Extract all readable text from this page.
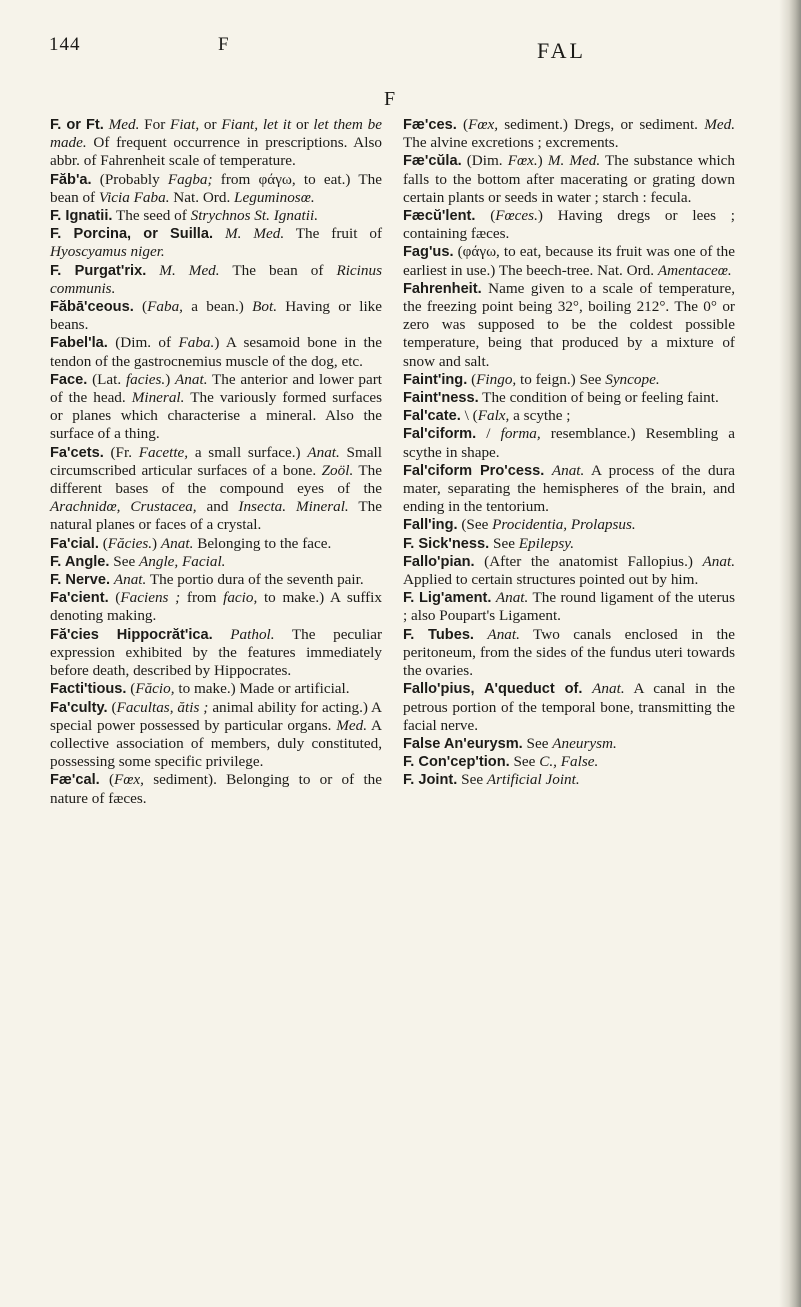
144	F	FAL
F

F. or Ft. Med. For Fiat, or Fiant, let it or let them be made. Of frequent occurrence in prescriptions. Also abbr. of Fahrenheit scale of temperature.

Făb'a. (Probably Fagba; from φάγω, to eat.) The bean of Vicia Faba. Nat. Ord. Leguminosœ.

F. Ignatii. The seed of Strychnos St. Ignatii.

F. Porcina, or Suilla. M. Med. The fruit of Hyoscyamus niger.

F. Purgat'rix. M. Med. The bean of Ricinus communis.

Făbā'ceous. (Faba, a bean.) Bot. Having or like beans.

Fabel'la. (Dim. of Faba.) A sesamoid bone in the tendon of the gastrocnemius muscle of the dog, etc.

Face. (Lat. facies.) Anat. The anterior and lower part of the head. Mineral. The variously formed surfaces or planes which characterise a mineral. Also the surface of a thing.

Fa'cets. (Fr. Facette, a small surface.) Anat. Small circumscribed articular surfaces of a bone. Zoöl. The different bases of the compound eyes of the Arachnidœ, Crustacea, and Insecta. Mineral. The natural planes or faces of a crystal.

Fa'cial. (Făcies.) Anat. Belonging to the face.

F. Angle. See Angle, Facial.

F. Nerve. Anat. The portio dura of the seventh pair.

Fa'cient. (Faciens ; from facio, to make.) A suffix denoting making.

Fă'cies Hippocrăt'ica. Pathol. The peculiar expression exhibited by the features immediately before death, described by Hippocrates.

Facti'tious. (Făcio, to make.) Made or artificial.

Fa'culty. (Facultas, ătis ; animal ability for acting.) A special power possessed by particular organs. Med. A collective association of members, duly constituted, possessing some specific privilege.

Fæ'cal. (Fœx, sediment). Belonging to or of the nature of fæces.

Fæ'ces. (Fœx, sediment.) Dregs, or sediment. Med. The alvine excretions ; excrements.

Fæ'cŭla. (Dim. Fœx.) M. Med. The substance which falls to the bottom after macerating or grating down certain plants or seeds in water ; starch : fecula.

Fæcŭ'lent. (Fœces.) Having dregs or lees ; containing fæces.

Fag'us. (φάγω, to eat, because its fruit was one of the earliest in use.) The beech-tree. Nat. Ord. Amentaceœ.

Fahrenheit. Name given to a scale of temperature, the freezing point being 32°, boiling 212°. The 0° or zero was supposed to be the coldest possible temperature, being that produced by a mixture of snow and salt.

Faint'ing. (Fingo, to feign.) See Syncope.

Faint'ness. The condition of being or feeling faint.

Fal'cate. \ (Falx, a scythe ;

Fal'ciform. / forma, resemblance.) Resembling a scythe in shape.

Fal'ciform Pro'cess. Anat. A process of the dura mater, separating the hemispheres of the brain, and ending in the tentorium.

Fall'ing. (See Procidentia, Prolapsus.

F. Sick'ness. See Epilepsy.

Fallo'pian. (After the anatomist Fallopius.) Anat. Applied to certain structures pointed out by him.

F. Lig'ament. Anat. The round ligament of the uterus ; also Poupart's Ligament.

F. Tubes. Anat. Two canals enclosed in the peritoneum, from the sides of the fundus uteri towards the ovaries.

Fallo'pius, A'queduct of. Anat. A canal in the petrous portion of the temporal bone, transmitting the facial nerve.

False An'eurysm. See Aneurysm.

F. Con'cep'tion. See C., False.

F. Joint. See Artificial Joint.
